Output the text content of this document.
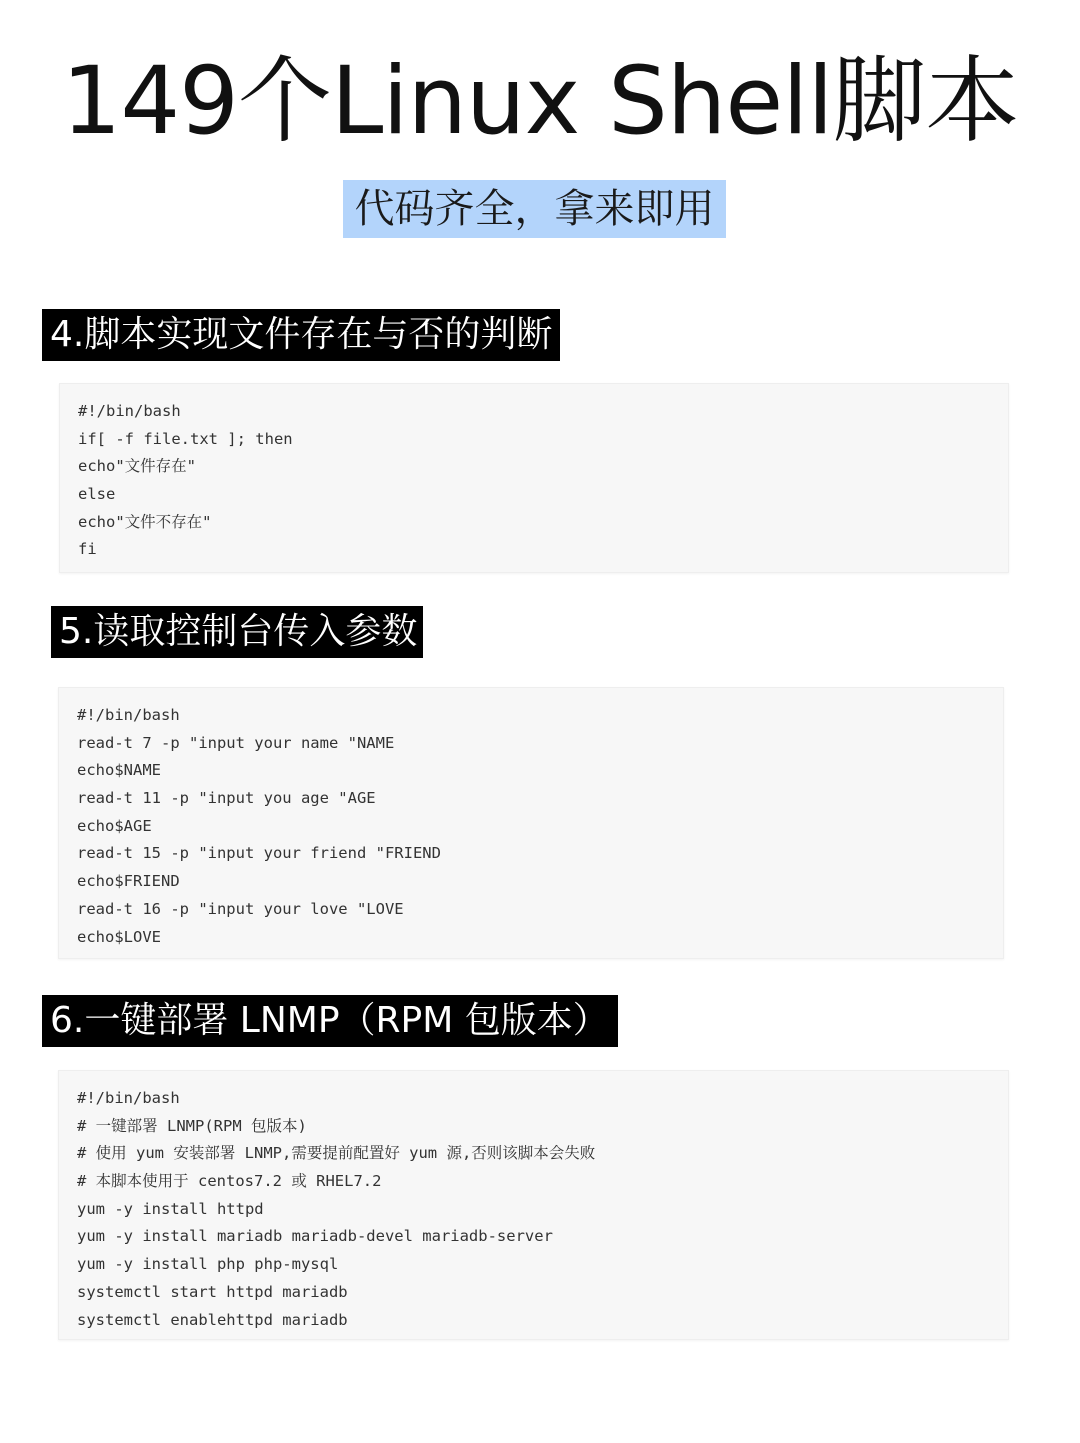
149个Linux Shell脚本
代码齐全，拿来即用
4.脚本实现文件存在与否的判断
#!/bin/bash
if[ -f file.txt ]; then
echo"文件存在"
else
echo"文件不存在"
fi
5.读取控制台传入参数
#!/bin/bash
read-t 7 -p "input your name "NAME
echo$NAME
read-t 11 -p "input you age "AGE
echo$AGE
read-t 15 -p "input your friend "FRIEND
echo$FRIEND
read-t 16 -p "input your love "LOVE
echo$LOVE
6.一键部署 LNMP（RPM 包版本）
#!/bin/bash
# 一键部署 LNMP(RPM 包版本)
# 使用 yum 安装部署 LNMP,需要提前配置好 yum 源,否则该脚本会失败
# 本脚本使用于 centos7.2 或 RHEL7.2
yum -y install httpd
yum -y install mariadb mariadb-devel mariadb-server
yum -y install php php-mysql
systemctl start httpd mariadb
systemctl enablehttpd mariadb
